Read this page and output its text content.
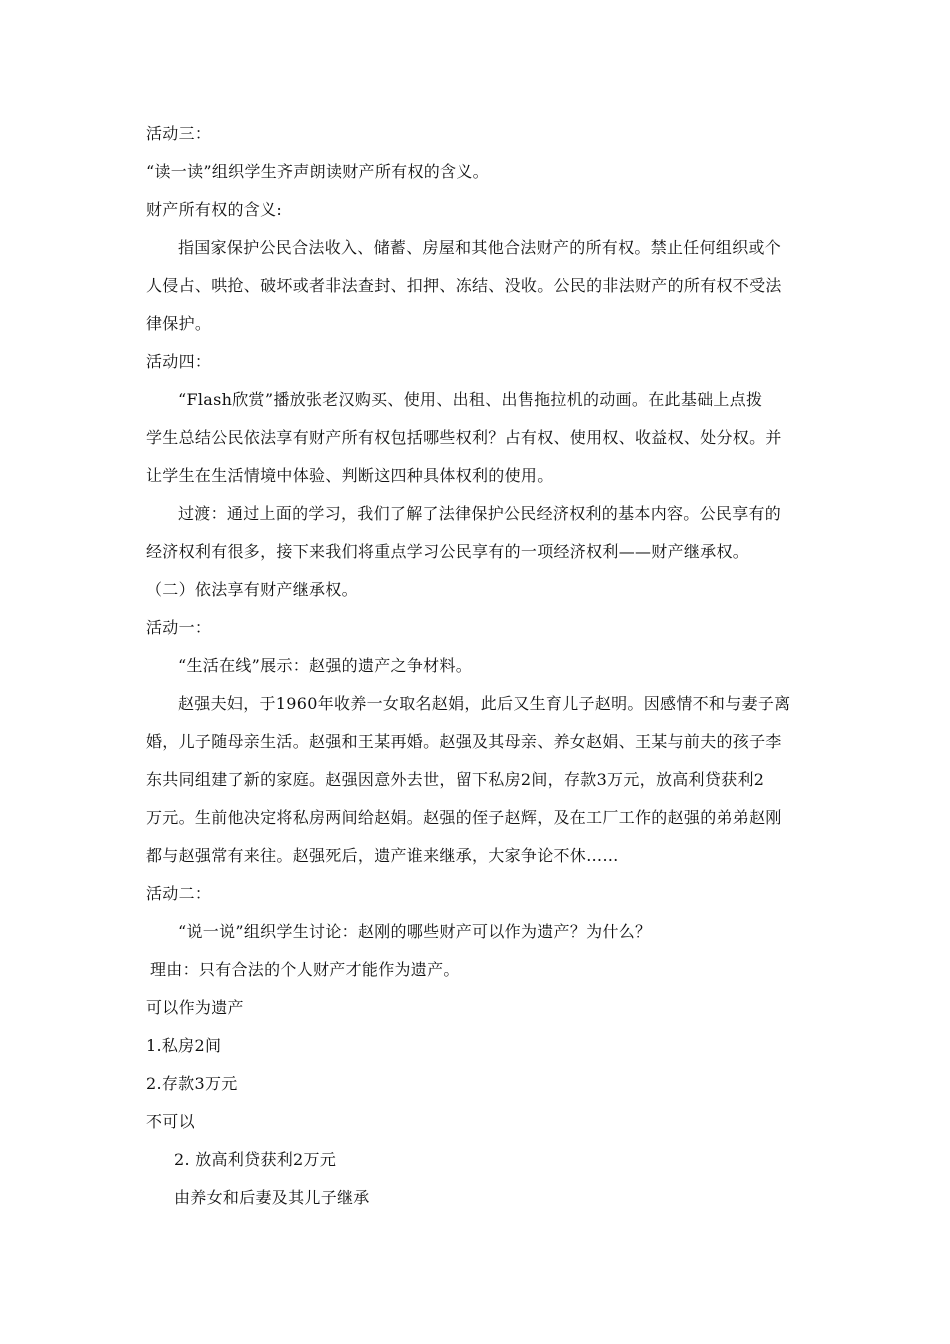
活动三：
“读一读”组织学生齐声朗读财产所有权的含义。
财产所有权的含义:
指国家保护公民合法收入、储蓄、房屋和其他合法财产的所有权。禁止任何组织或个
人侵占、哄抢、破坏或者非法查封、扣押、冻结、没收。公民的非法财产的所有权不受法
律保护。
活动四：
“Flash欣赏”播放张老汉购买、使用、出租、出售拖拉机的动画。在此基础上点拨
学生总结公民依法享有财产所有权包括哪些权利？占有权、使用权、收益权、处分权。并
让学生在生活情境中体验、判断这四种具体权利的使用。
过渡：通过上面的学习，我们了解了法律保护公民经济权利的基本内容。公民享有的
经济权利有很多，接下来我们将重点学习公民享有的一项经济权利——财产继承权。
（二）依法享有财产继承权。
活动一：
“生活在线”展示：赵强的遗产之争材料。
赵强夫妇，于1960年收养一女取名赵娟，此后又生育儿子赵明。因感情不和与妻子离
婚，儿子随母亲生活。赵强和王某再婚。赵强及其母亲、养女赵娟、王某与前夫的孩子李
东共同组建了新的家庭。赵强因意外去世，留下私房2间，存款3万元，放高利贷获利2
万元。生前他决定将私房两间给赵娟。赵强的侄子赵辉，及在工厂工作的赵强的弟弟赵刚
都与赵强常有来往。赵强死后，遗产谁来继承，大家争论不休……
活动二：
“说一说”组织学生讨论：赵刚的哪些财产可以作为遗产？为什么？
理由：只有合法的个人财产才能作为遗产。
可以作为遗产
1.私房2间
2.存款3万元
不可以
2. 放高利贷获利2万元
由养女和后妻及其儿子继承
